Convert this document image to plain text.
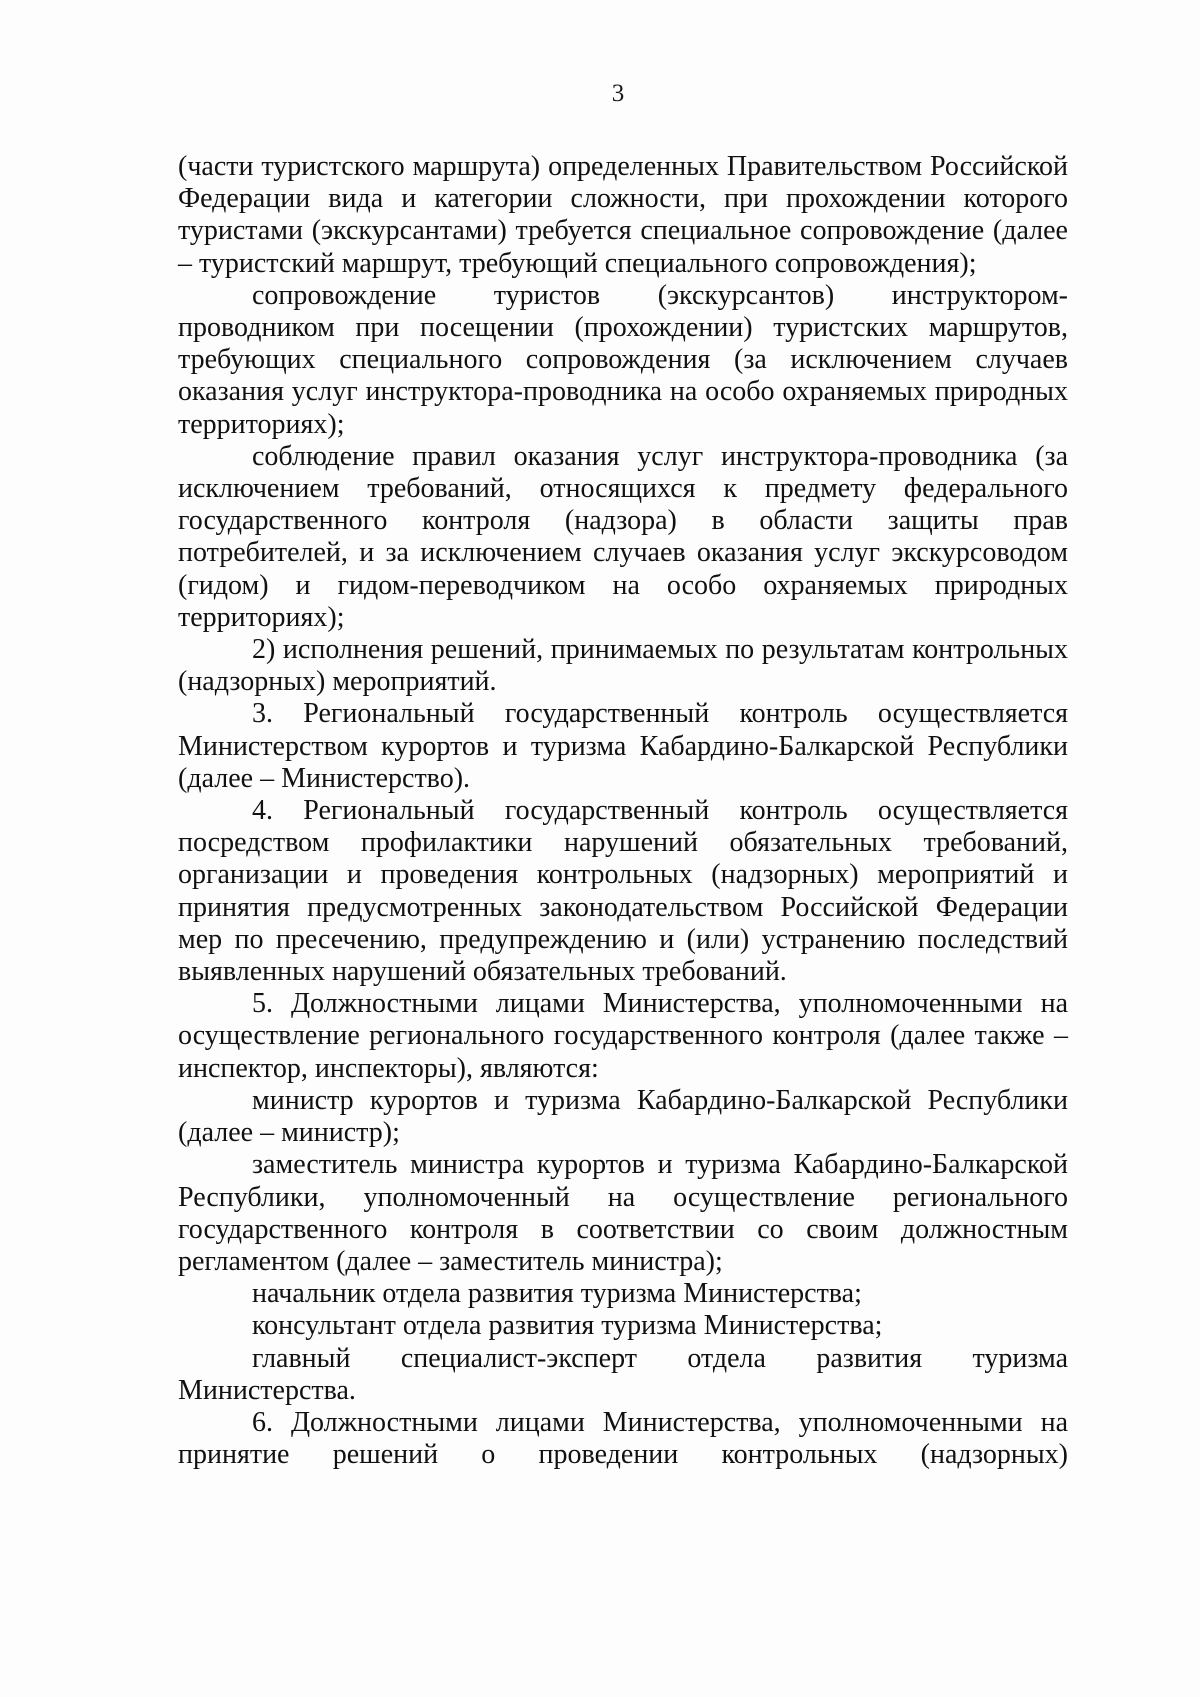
3

(части туристского маршрута) определенных Правительством Российской Федерации вида и категории сложности, при прохождении которого туристами (экскурсантами) требуется специальное сопровождение (далее – туристский маршрут, требующий специального сопровождения);

сопровождение туристов (экскурсантов) инструктором-проводником при посещении (прохождении) туристских маршрутов, требующих специального сопровождения (за исключением случаев оказания услуг инструктора-проводника на особо охраняемых природных территориях);

соблюдение правил оказания услуг инструктора-проводника (за исключением требований, относящихся к предмету федерального государственного контроля (надзора) в области защиты прав потребителей, и за исключением случаев оказания услуг экскурсоводом (гидом) и гидом-переводчиком на особо охраняемых природных территориях);

2) исполнения решений, принимаемых по результатам контрольных (надзорных) мероприятий.

3. Региональный государственный контроль осуществляется Министерством курортов и туризма Кабардино-Балкарской Республики (далее – Министерство).

4. Региональный государственный контроль осуществляется посредством профилактики нарушений обязательных требований, организации и проведения контрольных (надзорных) мероприятий и принятия предусмотренных законодательством Российской Федерации мер по пресечению, предупреждению и (или) устранению последствий выявленных нарушений обязательных требований.

5. Должностными лицами Министерства, уполномоченными на осуществление регионального государственного контроля (далее также – инспектор, инспекторы), являются:

министр курортов и туризма Кабардино-Балкарской Республики (далее – министр);

заместитель министра курортов и туризма Кабардино-Балкарской Республики, уполномоченный на осуществление регионального государственного контроля в соответствии со своим должностным регламентом (далее – заместитель министра);

начальник отдела развития туризма Министерства;

консультант отдела развития туризма Министерства;

главный специалист-эксперт отдела развития туризма Министерства.

6. Должностными лицами Министерства, уполномоченными на принятие решений о проведении контрольных (надзорных)
